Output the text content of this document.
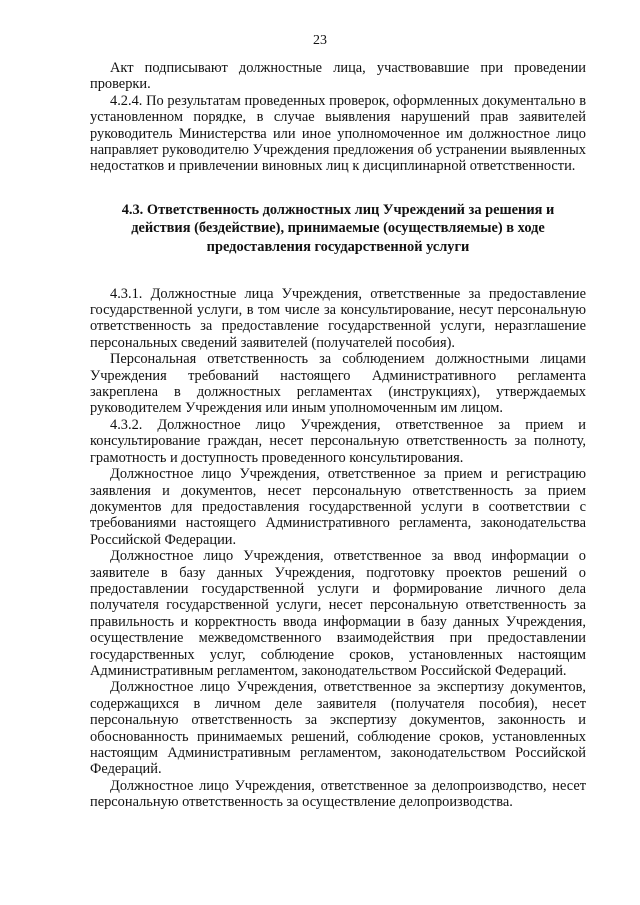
23

Акт подписывают должностные лица, участвовавшие при проведении проверки.

4.2.4. По результатам проведенных проверок, оформленных документально в установленном порядке, в случае выявления нарушений прав заявителей руководитель Министерства или иное уполномоченное им должностное лицо направляет руководителю Учреждения предложения об устранении выявленных недостатков и привлечении виновных лиц к дисциплинарной ответственности.

4.3. Ответственность должностных лиц Учреждений за решения и действия (бездействие), принимаемые (осуществляемые) в ходе предоставления государственной услуги

4.3.1. Должностные лица Учреждения, ответственные за предоставление государственной услуги, в том числе за консультирование, несут персональную ответственность за предоставление государственной услуги, неразглашение персональных сведений заявителей (получателей пособия).

Персональная ответственность за соблюдением должностными лицами Учреждения требований настоящего Административного регламента закреплена в должностных регламентах (инструкциях), утверждаемых руководителем Учреждения или иным уполномоченным им лицом.

4.3.2. Должностное лицо Учреждения, ответственное за прием и консультирование граждан, несет персональную ответственность за полноту, грамотность и доступность проведенного консультирования.

Должностное лицо Учреждения, ответственное за прием и регистрацию заявления и документов, несет персональную ответственность за прием документов для предоставления государственной услуги в соответствии с требованиями настоящего Административного регламента, законодательства Российской Федерации.

Должностное лицо Учреждения, ответственное за ввод информации о заявителе в базу данных Учреждения, подготовку проектов решений о предоставлении государственной услуги и формирование личного дела получателя государственной услуги, несет персональную ответственность за правильность и корректность ввода информации в базу данных Учреждения, осуществление межведомственного взаимодействия при предоставлении государственных услуг, соблюдение сроков, установленных настоящим Административным регламентом, законодательством Российской Федераций.

Должностное лицо Учреждения, ответственное за экспертизу документов, содержащихся в личном деле заявителя (получателя пособия), несет персональную ответственность за экспертизу документов, законность и обоснованность принимаемых решений, соблюдение сроков, установленных настоящим Административным регламентом, законодательством Российской Федераций.

Должностное лицо Учреждения, ответственное за делопроизводство, несет персональную ответственность за осуществление делопроизводства.
